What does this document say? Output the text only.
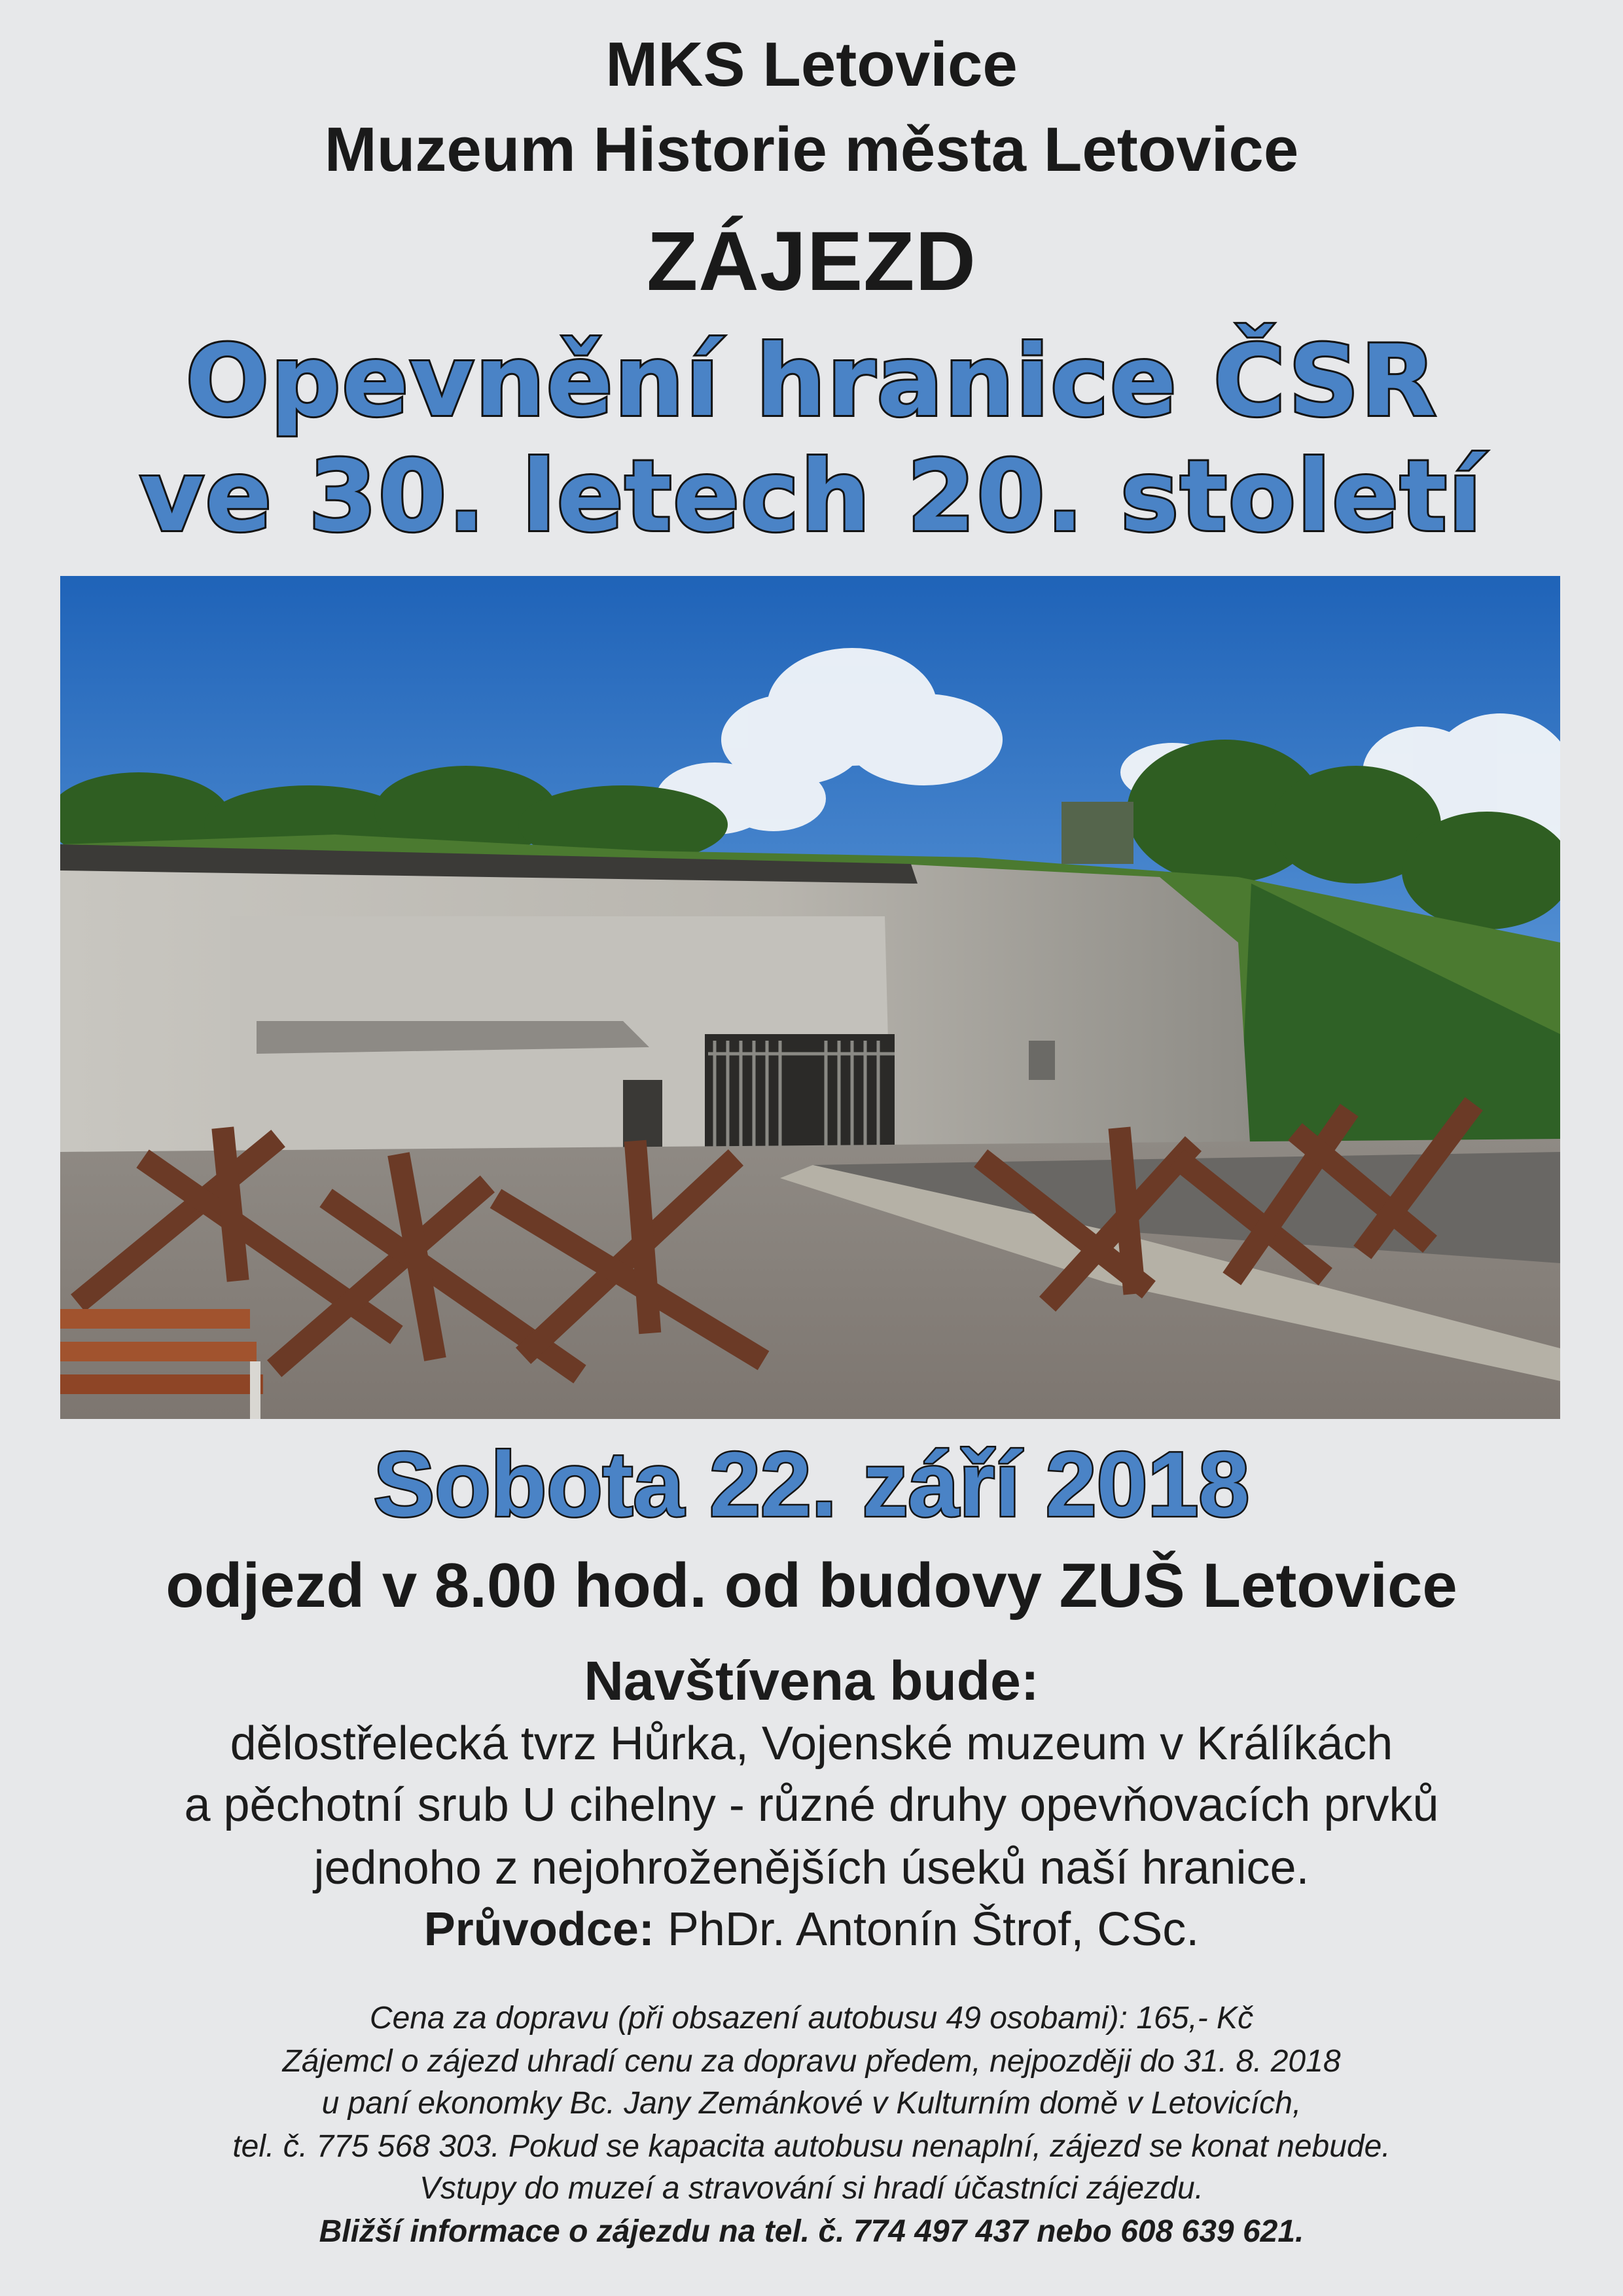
MKS Letovice
Muzeum Historie města Letovice
ZÁJEZD
Opevnění hranice ČSR
ve 30. letech 20. století
Sobota 22. září 2018
odjezd v 8.00 hod. od budovy ZUŠ Letovice
Navštívena bude:
dělostřelecká tvrz Hůrka, Vojenské muzeum v Králíkách
a pěchotní srub U cihelny - různé druhy opevňovacích prvků
jednoho z nejohroženějších úseků naší hranice.
Průvodce: PhDr. Antonín Štrof, CSc.
Cena za dopravu (při obsazení autobusu 49 osobami): 165,- Kč
Zájemcl o zájezd uhradí cenu za dopravu předem, nejpozději do 31. 8. 2018
u paní ekonomky Bc. Jany Zemánkové v Kulturním domě v Letovicích,
tel. č. 775 568 303. Pokud se kapacita autobusu nenaplní, zájezd se konat nebude.
Vstupy do muzeí a stravování si hradí účastníci zájezdu.
Bližší informace o zájezdu na tel. č. 774 497 437 nebo 608 639 621.
